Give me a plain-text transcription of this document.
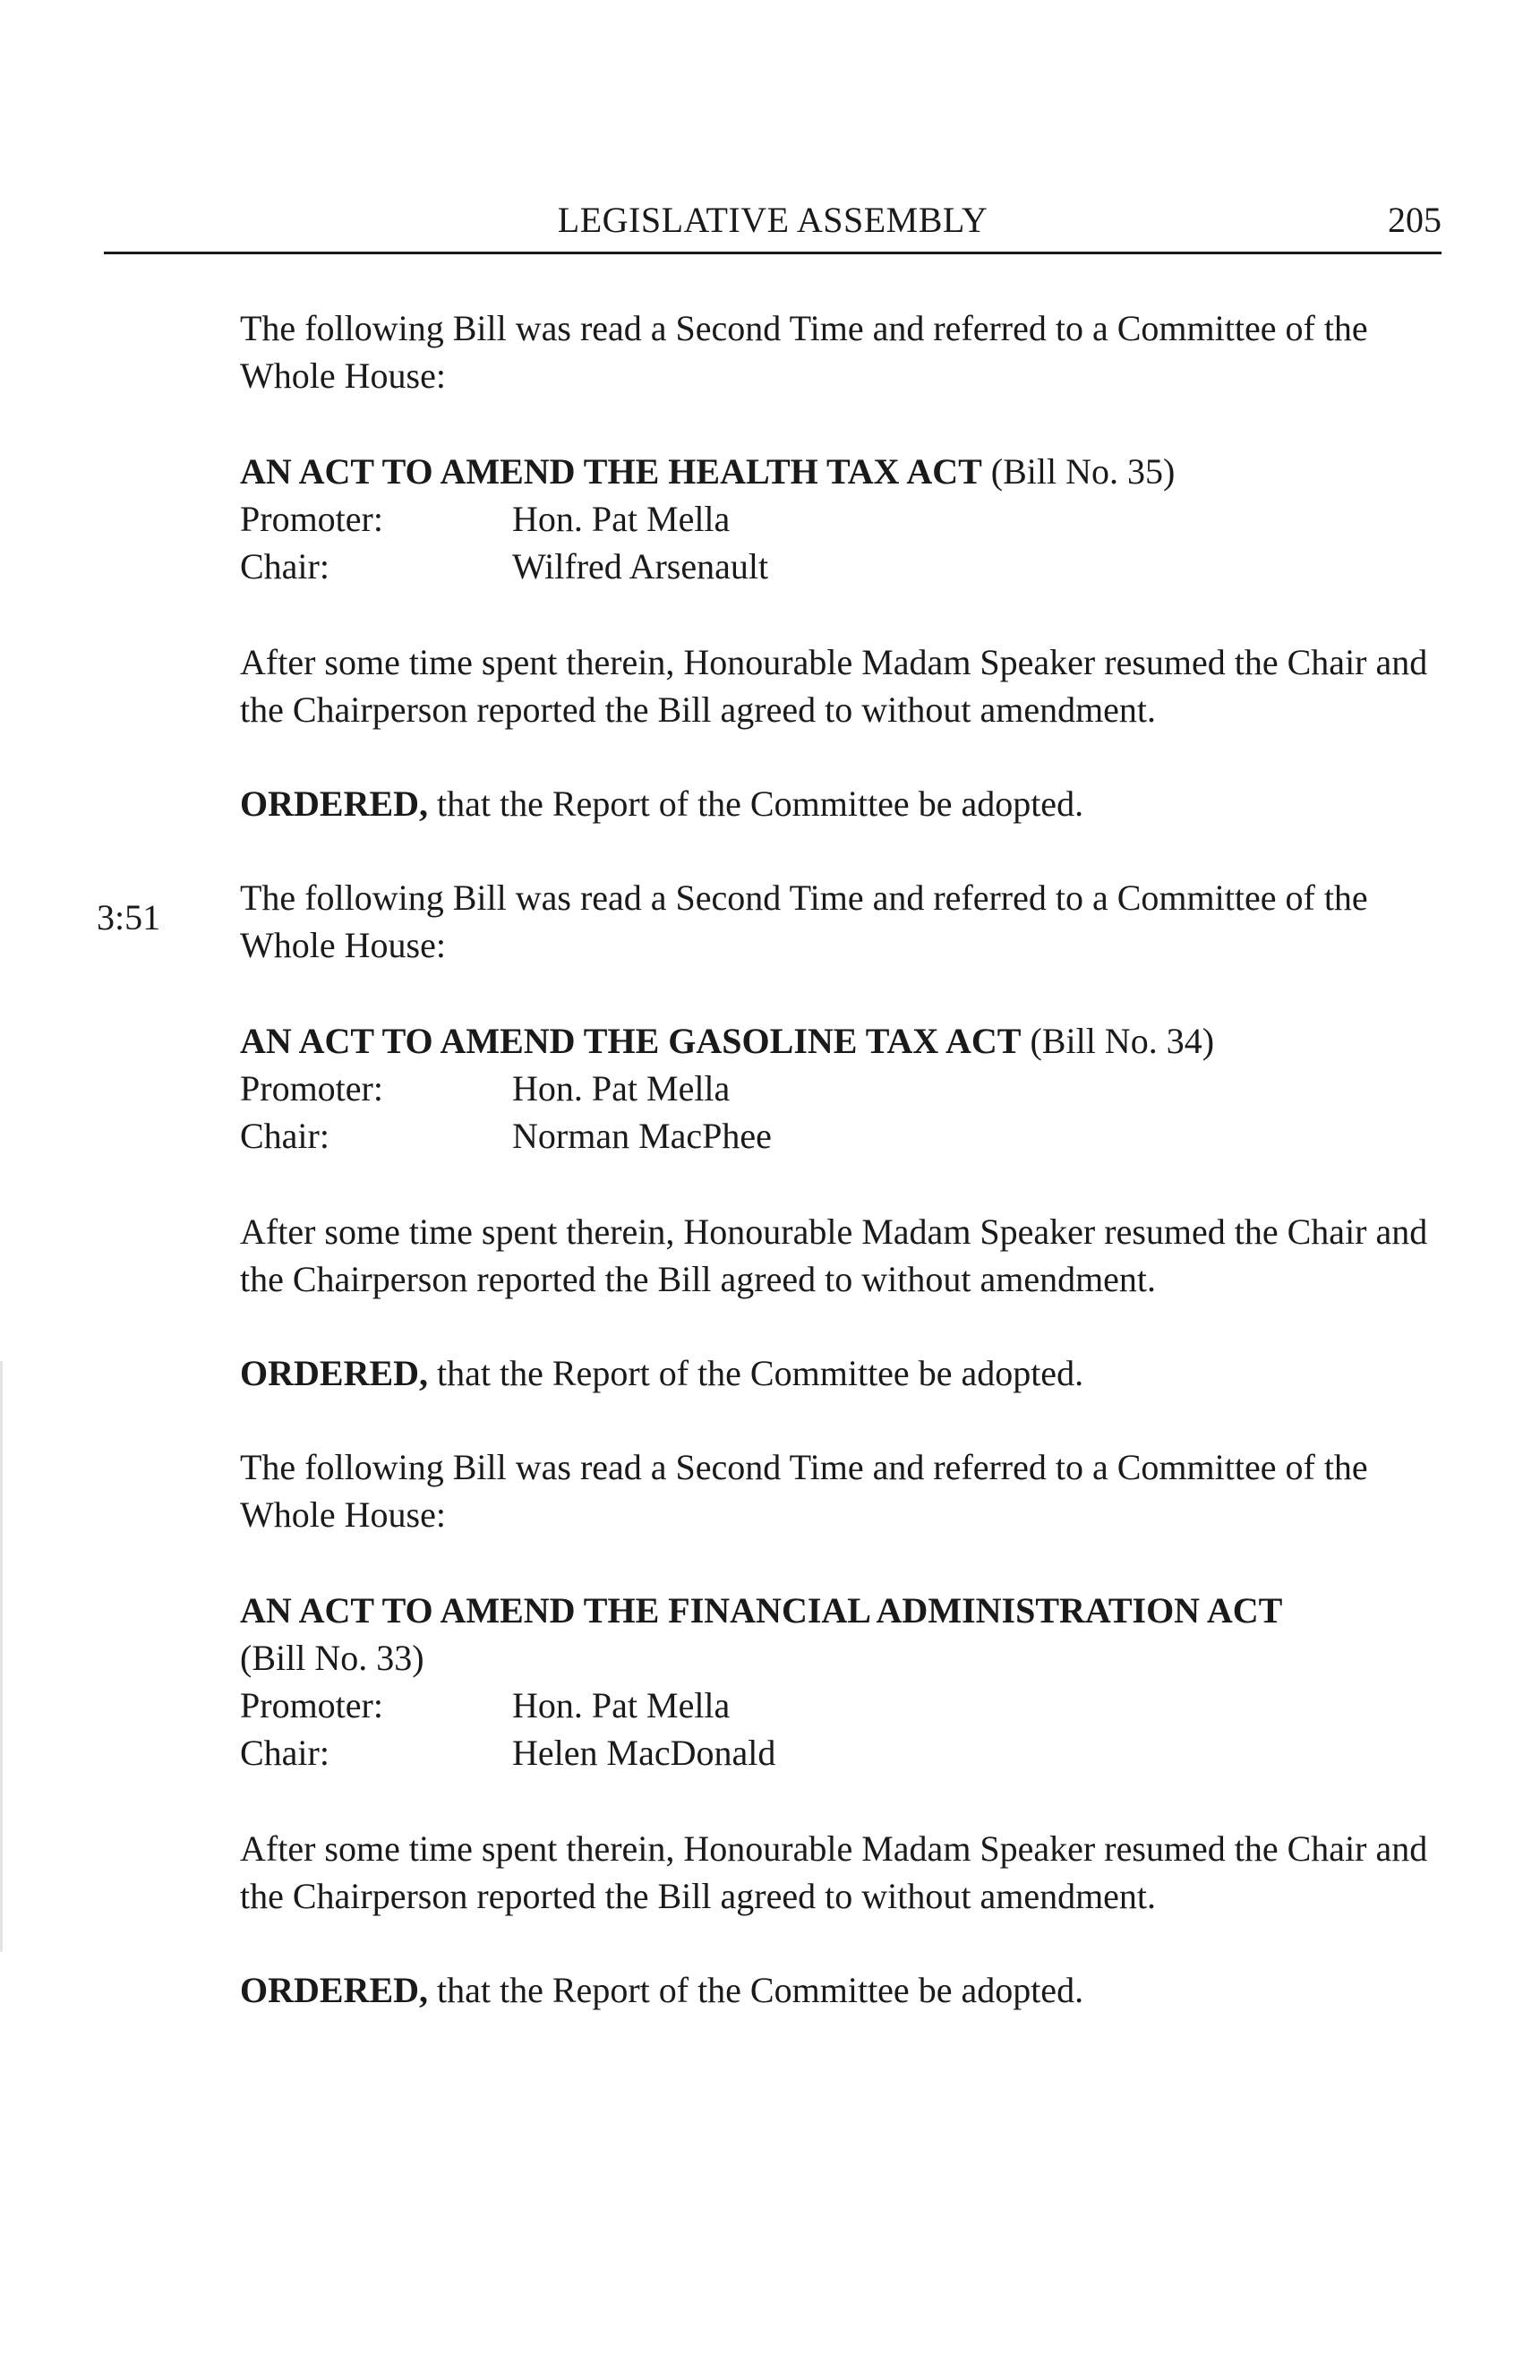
LEGISLATIVE ASSEMBLY	205
3:51

The following Bill was read a Second Time and referred to a Committee of the Whole House:

AN ACT TO AMEND THE HEALTH TAX ACT (Bill No. 35)

Promoter:	Hon. Pat Mella
Chair:	Wilfred Arsenault

After some time spent therein, Honourable Madam Speaker resumed the Chair and the Chairperson reported the Bill agreed to without amendment.

ORDERED, that the Report of the Committee be adopted.

The following Bill was read a Second Time and referred to a Committee of the Whole House:

AN ACT TO AMEND THE GASOLINE TAX ACT (Bill No. 34)

Promoter:	Hon. Pat Mella
Chair:	Norman MacPhee

After some time spent therein, Honourable Madam Speaker resumed the Chair and the Chairperson reported the Bill agreed to without amendment.

ORDERED, that the Report of the Committee be adopted.

The following Bill was read a Second Time and referred to a Committee of the Whole House:

AN ACT TO AMEND THE FINANCIAL ADMINISTRATION ACT
(Bill No. 33)

Promoter:	Hon. Pat Mella
Chair:	Helen MacDonald

After some time spent therein, Honourable Madam Speaker resumed the Chair and the Chairperson reported the Bill agreed to without amendment.

ORDERED, that the Report of the Committee be adopted.
